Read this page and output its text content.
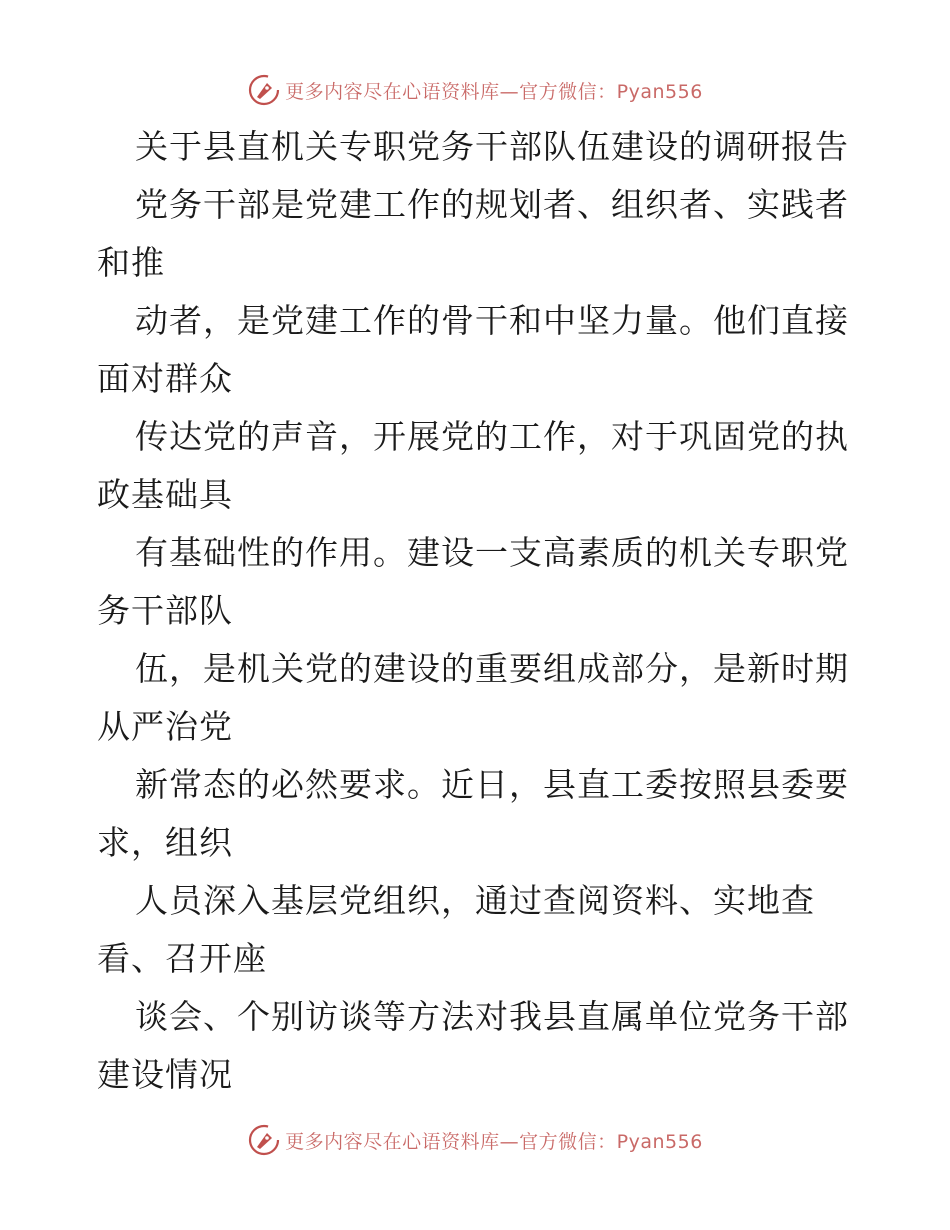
更多内容尽在心语资料库—官方微信：Pyan556
关于县直机关专职党务干部队伍建设的调研报告
党务干部是党建工作的规划者、组织者、实践者
和推
动者，是党建工作的骨干和中坚力量。他们直接
面对群众
传达党的声音，开展党的工作，对于巩固党的执
政基础具
有基础性的作用。建设一支高素质的机关专职党
务干部队
伍，是机关党的建设的重要组成部分，是新时期
从严治党
新常态的必然要求。近日，县直工委按照县委要
求，组织
人员深入基层党组织，通过查阅资料、实地查
看、召开座
谈会、个别访谈等方法对我县直属单位党务干部
建设情况
更多内容尽在心语资料库—官方微信：Pyan556
